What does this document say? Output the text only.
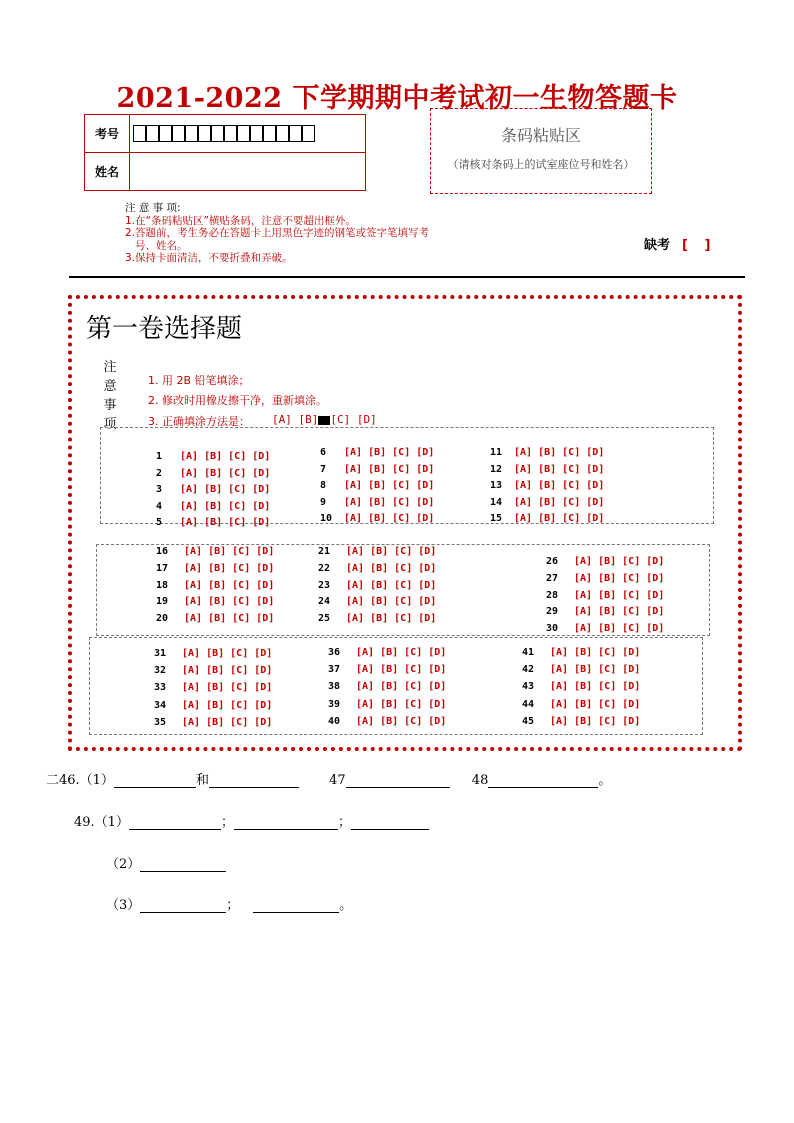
2021-2022 下学期期中考试初一生物答题卡
考号	

姓名	
条码粘贴区
（请核对条码上的试室座位号和姓名）
注 意 事 项:
1.在“条码粘贴区”横贴条码，注意不要超出框外。
2.答题前，考生务必在答题卡上用黑色字迹的钢笔或签字笔填写考
号、姓名。
3.保持卡面清洁，不要折叠和弄破。
缺考 [ ]
第一卷选择题
注
意
事
项
1. 用 2B 铅笔填涂；
2. 修改时用橡皮擦干净，重新填涂。
3. 正确填涂方法是： [A] [B] [C] [D]
1 [A] [B] [C] [D]
2 [A] [B] [C] [D]
3 [A] [B] [C] [D]
4 [A] [B] [C] [D]
5 [A] [B] [C] [D]
6 [A] [B] [C] [D]
7 [A] [B] [C] [D]
8 [A] [B] [C] [D]
9 [A] [B] [C] [D]
10 [A] [B] [C] [D]
11 [A] [B] [C] [D]
12 [A] [B] [C] [D]
13 [A] [B] [C] [D]
14 [A] [B] [C] [D]
15 [A] [B] [C] [D]
16 [A] [B] [C] [D]
17 [A] [B] [C] [D]
18 [A] [B] [C] [D]
19 [A] [B] [C] [D]
20 [A] [B] [C] [D]
21 [A] [B] [C] [D]
22 [A] [B] [C] [D]
23 [A] [B] [C] [D]
24 [A] [B] [C] [D]
25 [A] [B] [C] [D]
26 [A] [B] [C] [D]
27 [A] [B] [C] [D]
28 [A] [B] [C] [D]
29 [A] [B] [C] [D]
30 [A] [B] [C] [D]
31 [A] [B] [C] [D]
32 [A] [B] [C] [D]
33 [A] [B] [C] [D]
34 [A] [B] [C] [D]
35 [A] [B] [C] [D]
36 [A] [B] [C] [D]
37 [A] [B] [C] [D]
38 [A] [B] [C] [D]
39 [A] [B] [C] [D]
40 [A] [B] [C] [D]
41 [A] [B] [C] [D]
42 [A] [B] [C] [D]
43 [A] [B] [C] [D]
44 [A] [B] [C] [D]
45 [A] [B] [C] [D]
二46.（1）	和	47	48	。
49.（1）	；	；
（2）
（3）	；	。
